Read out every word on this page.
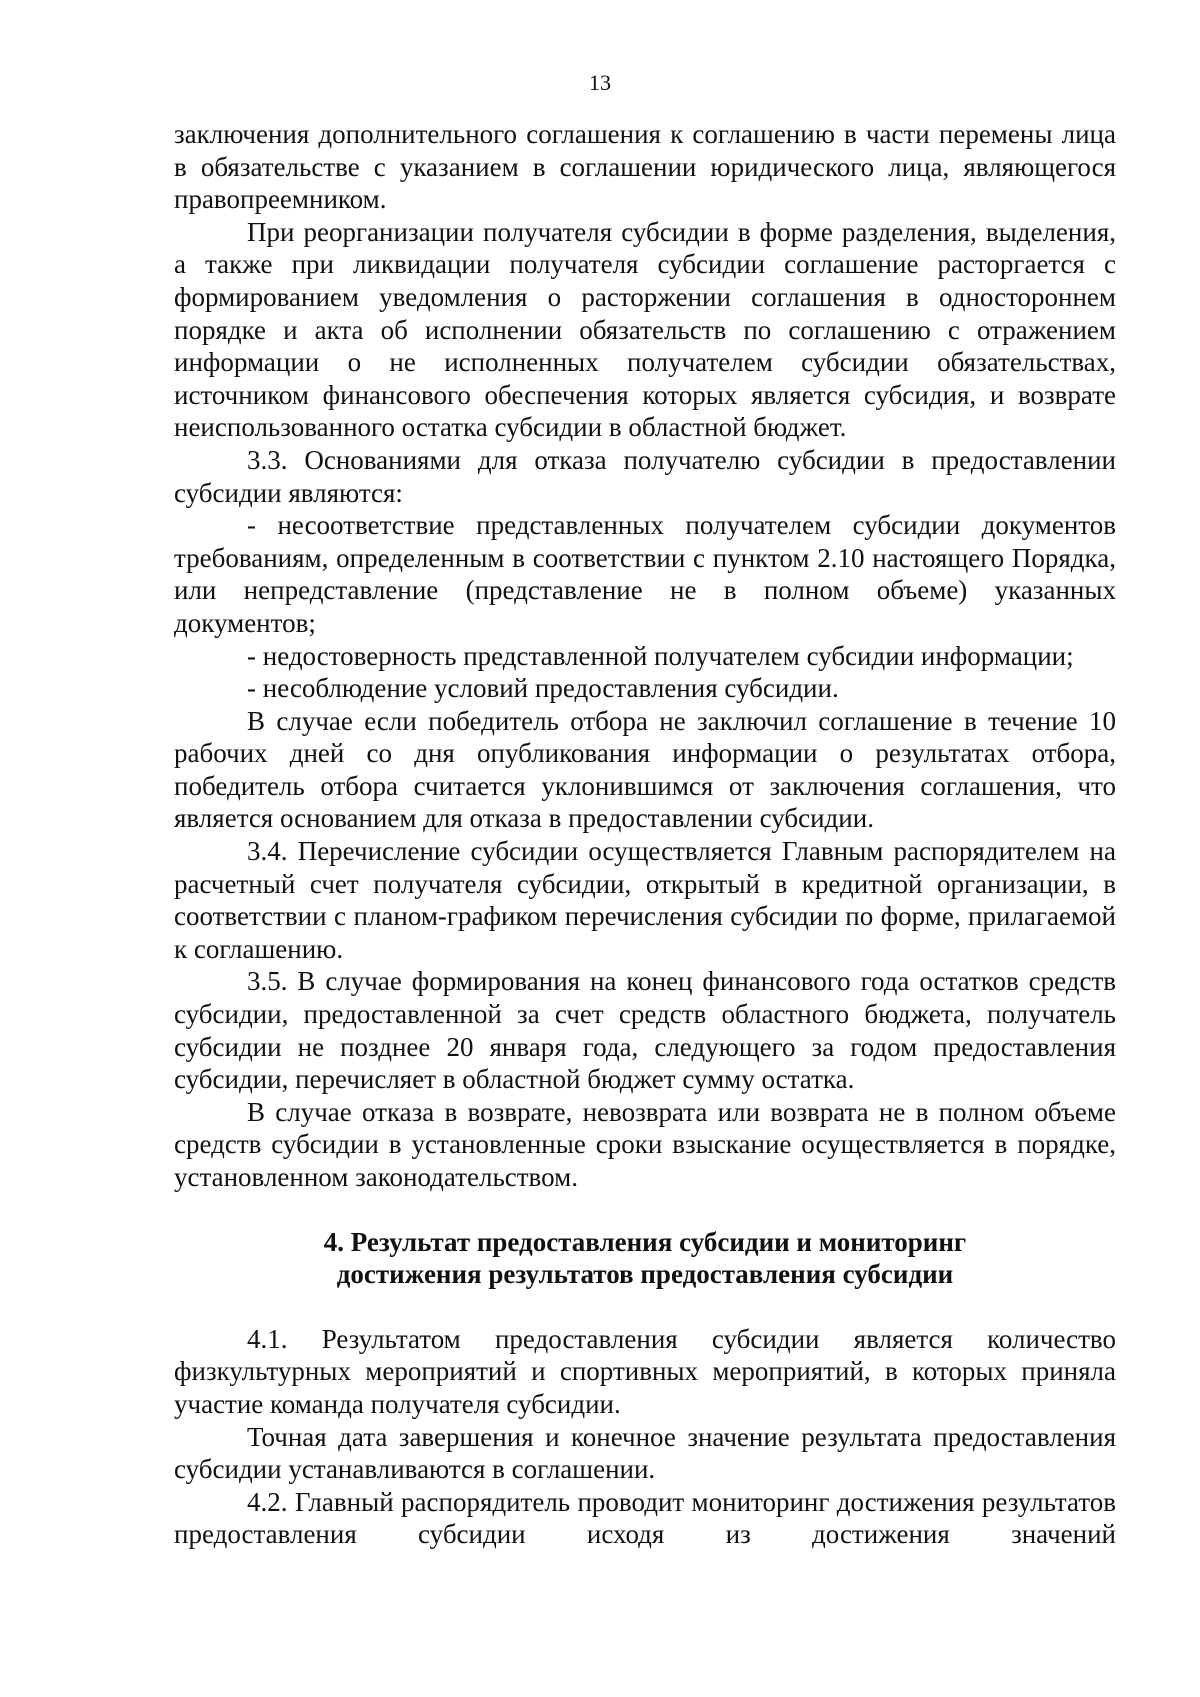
13

заключения дополнительного соглашения к соглашению в части перемены лица в обязательстве с указанием в соглашении юридического лица, являющегося правопреемником.

При реорганизации получателя субсидии в форме разделения, выделения, а также при ликвидации получателя субсидии соглашение расторгается с формированием уведомления о расторжении соглашения в одностороннем порядке и акта об исполнении обязательств по соглашению с отражением информации о не исполненных получателем субсидии обязательствах, источником финансового обеспечения которых является субсидия, и возврате неиспользованного остатка субсидии в областной бюджет.

3.3. Основаниями для отказа получателю субсидии в предоставлении субсидии являются:

- несоответствие представленных получателем субсидии документов требованиям, определенным в соответствии с пунктом 2.10 настоящего Порядка, или непредставление (представление не в полном объеме) указанных документов;

- недостоверность представленной получателем субсидии информации;

- несоблюдение условий предоставления субсидии.

В случае если победитель отбора не заключил соглашение в течение 10 рабочих дней со дня опубликования информации о результатах отбора, победитель отбора считается уклонившимся от заключения соглашения, что является основанием для отказа в предоставлении субсидии.

3.4. Перечисление субсидии осуществляется Главным распорядителем на расчетный счет получателя субсидии, открытый в кредитной организации, в соответствии с планом-графиком перечисления субсидии по форме, прилагаемой к соглашению.

3.5. В случае формирования на конец финансового года остатков средств субсидии, предоставленной за счет средств областного бюджета, получатель субсидии не позднее 20 января года, следующего за годом предоставления субсидии, перечисляет в областной бюджет сумму остатка.

В случае отказа в возврате, невозврата или возврата не в полном объеме средств субсидии в установленные сроки взыскание осуществляется в порядке, установленном законодательством.

4. Результат предоставления субсидии и мониторинг
достижения результатов предоставления субсидии

4.1. Результатом предоставления субсидии является количество физкультурных мероприятий и спортивных мероприятий, в которых приняла участие команда получателя субсидии.

Точная дата завершения и конечное значение результата предоставления субсидии устанавливаются в соглашении.

4.2. Главный распорядитель проводит мониторинг достижения результатов предоставления субсидии исходя из достижения значений
